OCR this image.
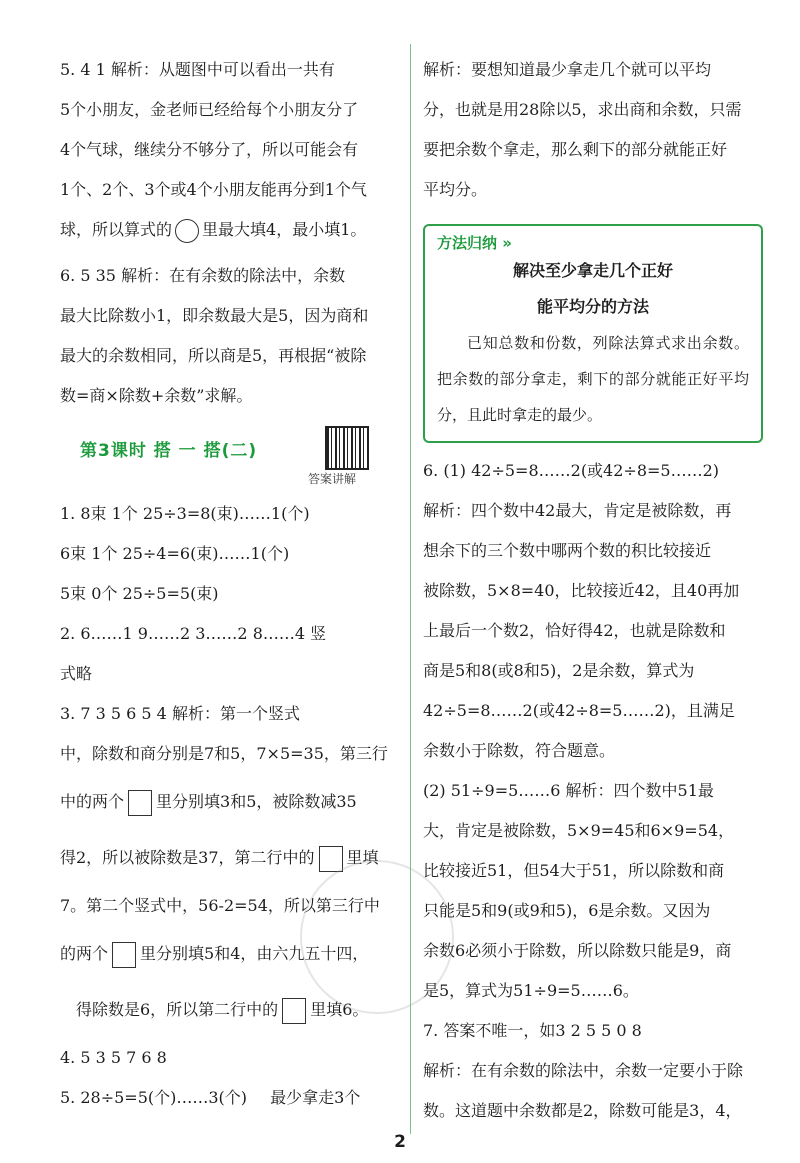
5. 4 1 解析：从题图中可以看出一共有

5个小朋友，金老师已经给每个小朋友分了

4个气球，继续分不够分了，所以可能会有

1个、2个、3个或4个小朋友能再分到1个气

球，所以算式的 里最大填4，最小填1。

6. 5 35 解析：在有余数的除法中，余数

最大比除数小1，即余数最大是5，因为商和

最大的余数相同，所以商是5，再根据“被除

数=商×除数+余数”求解。

第3课时 搭 一 搭(二)
答案讲解

1. 8束 1个 25÷3=8(束)……1(个)

6束 1个 25÷4=6(束)……1(个)

5束 0个 25÷5=5(束)

2. 6……1 9……2 3……2 8……4 竖

式略

3. 7 3 5 6 5 4 解析：第一个竖式

中，除数和商分别是7和5，7×5=35，第三行

中的两个 里分别填3和5，被除数减35

得2，所以被除数是37，第二行中的 里填

7。第二个竖式中，56-2=54，所以第三行中

的两个 里分别填5和4，由六九五十四，

得除数是6，所以第二行中的 里填6。

4. 5 3 5 7 6 8

5. 28÷5=5(个)……3(个) 最少拿走3个

解析：要想知道最少拿走几个就可以平均

分，也就是用28除以5，求出商和余数，只需

要把余数个拿走，那么剩下的部分就能正好

平均分。

方法归纳 »

解决至少拿走几个正好

能平均分的方法

已知总数和份数，列除法算式求出余数。把余数的部分拿走，剩下的部分就能正好平均分，且此时拿走的最少。

6. (1) 42÷5=8……2(或42÷8=5……2)

解析：四个数中42最大，肯定是被除数，再

想余下的三个数中哪两个数的积比较接近

被除数，5×8=40，比较接近42，且40再加

上最后一个数2，恰好得42，也就是除数和

商是5和8(或8和5)，2是余数，算式为

42÷5=8……2(或42÷8=5……2)，且满足

余数小于除数，符合题意。

(2) 51÷9=5……6 解析：四个数中51最

大，肯定是被除数，5×9=45和6×9=54，

比较接近51，但54大于51，所以除数和商

只能是5和9(或9和5)，6是余数。又因为

余数6必须小于除数，所以除数只能是9，商

是5，算式为51÷9=5……6。

7. 答案不唯一，如3 2 5 5 0 8

解析：在有余数的除法中，余数一定要小于除

数。这道题中余数都是2，除数可能是3，4，

2
